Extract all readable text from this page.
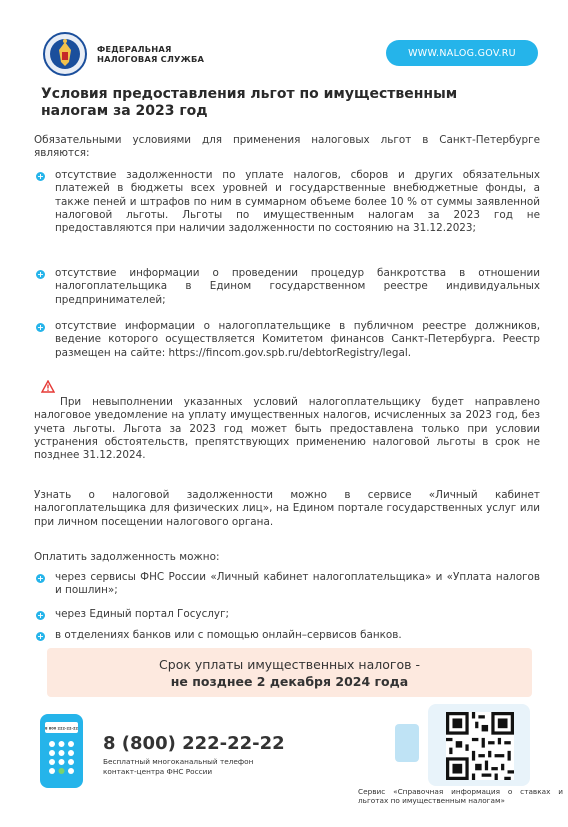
ФЕДЕРАЛЬНАЯ
НАЛОГОВАЯ СЛУЖБА
WWW.NALOG.GOV.RU
Условия предоставления льгот по имущественным
налогам за 2023 год
Обязательными условиями для применения налоговых льгот в Санкт-Петербурге являются:
+ отсутствие задолженности по уплате налогов, сборов и других обязательных платежей в бюджеты всех уровней и государственные внебюджетные фонды, а также пеней и штрафов по ним в суммарном объеме более 10 % от суммы заявленной налоговой льготы. Льготы по имущественным налогам за 2023 год не предоставляются при наличии задолженности по состоянию на 31.12.2023;
+ отсутствие информации о проведении процедур банкротства в отношении налогоплательщика в Едином государственном реестре индивидуальных предпринимателей;
+ отсутствие информации о налогоплательщике в публичном реестре должников, ведение которого осуществляется Комитетом финансов Санкт-Петербурга. Реестр размещен на сайте: https://fincom.gov.spb.ru/debtorRegistry/legal.
При невыполнении указанных условий налогоплательщику будет направлено налоговое уведомление на уплату имущественных налогов, исчисленных за 2023 год, без учета льготы. Льгота за 2023 год может быть предоставлена только при условии устранения обстоятельств, препятствующих применению налоговой льготы в срок не позднее 31.12.2024.
Узнать о налоговой задолженности можно в сервисе «Личный кабинет налогоплательщика для физических лиц», на Едином портале государственных услуг или при личном посещении налогового органа.
Оплатить задолженность можно:
+ через сервисы ФНС России «Личный кабинет налогоплательщика» и «Уплата налогов и пошлин»;
+ через Единый портал Госуслуг;
+ в отделениях банков или с помощью онлайн–сервисов банков.
Срок уплаты имущественных налогов -
не позднее 2 декабря 2024 года
8 800 222-22-22
8 (800) 222-22-22
Бесплатный многоканальный телефон
контакт-центра ФНС России
Сервис «Справочная информация о ставках и льготах по имущественным налогам»
